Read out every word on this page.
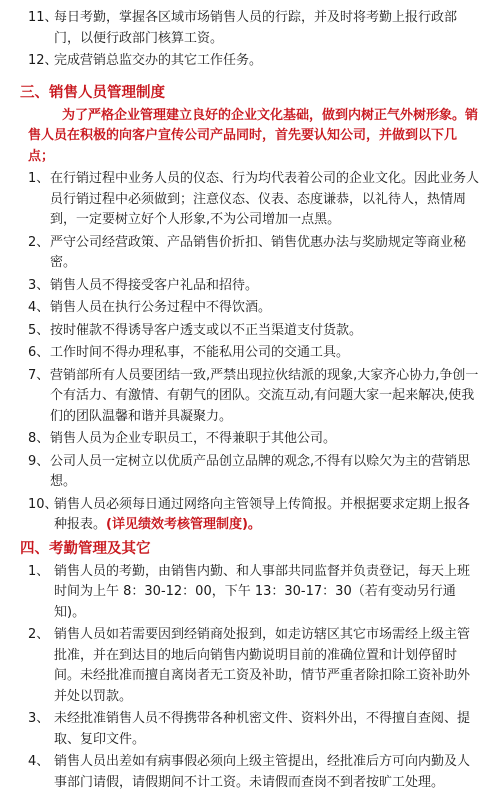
11、
每日考勤，掌握各区域市场销售人员的行踪，并及时将考勤上报行政部门，以便行政部门核算工资。
12、
完成营销总监交办的其它工作任务。
三、销售人员管理制度
为了严格企业管理建立良好的企业文化基础，做到内树正气外树形象。销售人员在积极的向客户宣传公司产品同时，首先要认知公司，并做到以下几点；
1、 在行销过程中业务人员的仪态、行为均代表着公司的企业文化。因此业务人员行销过程中必须做到；注意仪态、仪表、态度谦恭，以礼待人，热情周到，一定要树立好个人形象,不为公司增加一点黑。
2、 严守公司经营政策、产品销售价折扣、销售优惠办法与奖励规定等商业秘密。
3、 销售人员不得接受客户礼品和招待。
4、 销售人员在执行公务过程中不得饮酒。
5、 按时催款不得诱导客户透支或以不正当渠道支付货款。
6、 工作时间不得办理私事，不能私用公司的交通工具。
7、 营销部所有人员要团结一致,严禁出现拉伙结派的现象,大家齐心协力,争创一个有活力、有激情、有朝气的团队。交流互动,有问题大家一起来解决,使我们的团队温馨和谐并具凝聚力。
8、 销售人员为企业专职员工，不得兼职于其他公司。
9、 公司人员一定树立以优质产品创立品牌的观念,不得有以赊欠为主的营销思想。
10、
销售人员必须每日通过网络向主管领导上传简报。并根据要求定期上报各种报表。(详见绩效考核管理制度)。
四、考勤管理及其它
1、 销售人员的考勤，由销售内勤、和人事部共同监督并负责登记，每天上班时间为上午 8：30-12：00，下午 13：30-17：30（若有变动另行通知)。
2、 销售人员如若需要因到经销商处报到，如走访辖区其它市场需经上级主管批准，并在到达目的地后向销售内勤说明目前的准确位置和计划停留时间。未经批准而擅自离岗者无工资及补助，情节严重者除扣除工资补助外并处以罚款。
3、 未经批准销售人员不得携带各种机密文件、资料外出，不得擅自查阅、提取、复印文件。
4、 销售人员出差如有病事假必须向上级主管提出，经批准后方可向内勤及人事部门请假，请假期间不计工资。未请假而查岗不到者按旷工处理。
